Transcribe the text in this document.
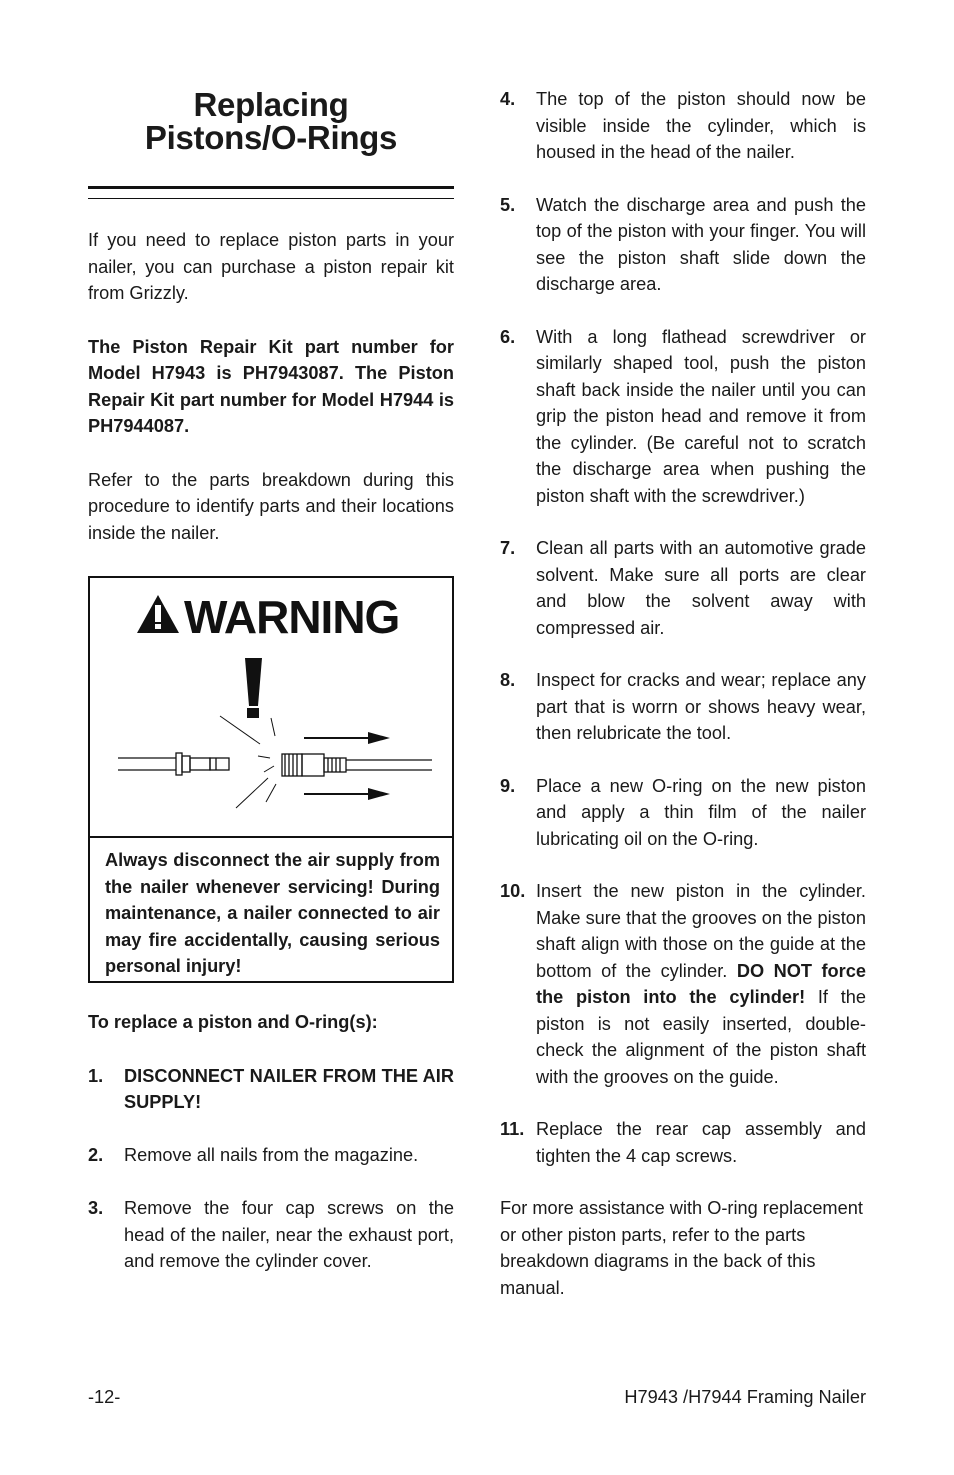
Replacing
Pistons/O-Rings

If you need to replace piston parts in your nailer, you can purchase a piston repair kit from Grizzly.

The Piston Repair Kit part number for Model H7943 is PH7943087. The Piston Repair Kit part number for Model H7944 is PH7944087.

Refer to the parts breakdown during this procedure to identify parts and their locations inside the nailer.

WARNING
Always disconnect the air supply from the nailer whenever servicing! During maintenance, a nailer connected to air may fire accidentally, causing serious personal injury!

To replace a piston and O-ring(s):

1. DISCONNECT NAILER FROM THE AIR SUPPLY!
2. Remove all nails from the magazine.
3. Remove the four cap screws on the head of the nailer, near the exhaust port, and remove the cylinder cover.
4. The top of the piston should now be visible inside the cylinder, which is housed in the head of the nailer.
5. Watch the discharge area and push the top of the piston with your finger. You will see the piston shaft slide down the discharge area.
6. With a long flathead screwdriver or similarly shaped tool, push the piston shaft back inside the nailer until you can grip the piston head and remove it from the cylinder. (Be careful not to scratch the discharge area when pushing the piston shaft with the screwdriver.)
7. Clean all parts with an automotive grade solvent. Make sure all ports are clear and blow the solvent away with compressed air.
8. Inspect for cracks and wear; replace any part that is worrn or shows heavy wear, then relubricate the tool.
9. Place a new O-ring on the new piston and apply a thin film of the nailer lubricating oil on the O-ring.
10. Insert the new piston in the cylinder. Make sure that the grooves on the piston shaft align with those on the guide at the bottom of the cylinder. DO NOT force the piston into the cylinder! If the piston is not easily inserted, double-check the alignment of the piston shaft with the grooves on the guide.
11. Replace the rear cap assembly and tighten the 4 cap screws.

For more assistance with O-ring replacement or other piston parts, refer to the parts breakdown diagrams in the back of this manual.

-12-	H7943 /H7944 Framing Nailer
